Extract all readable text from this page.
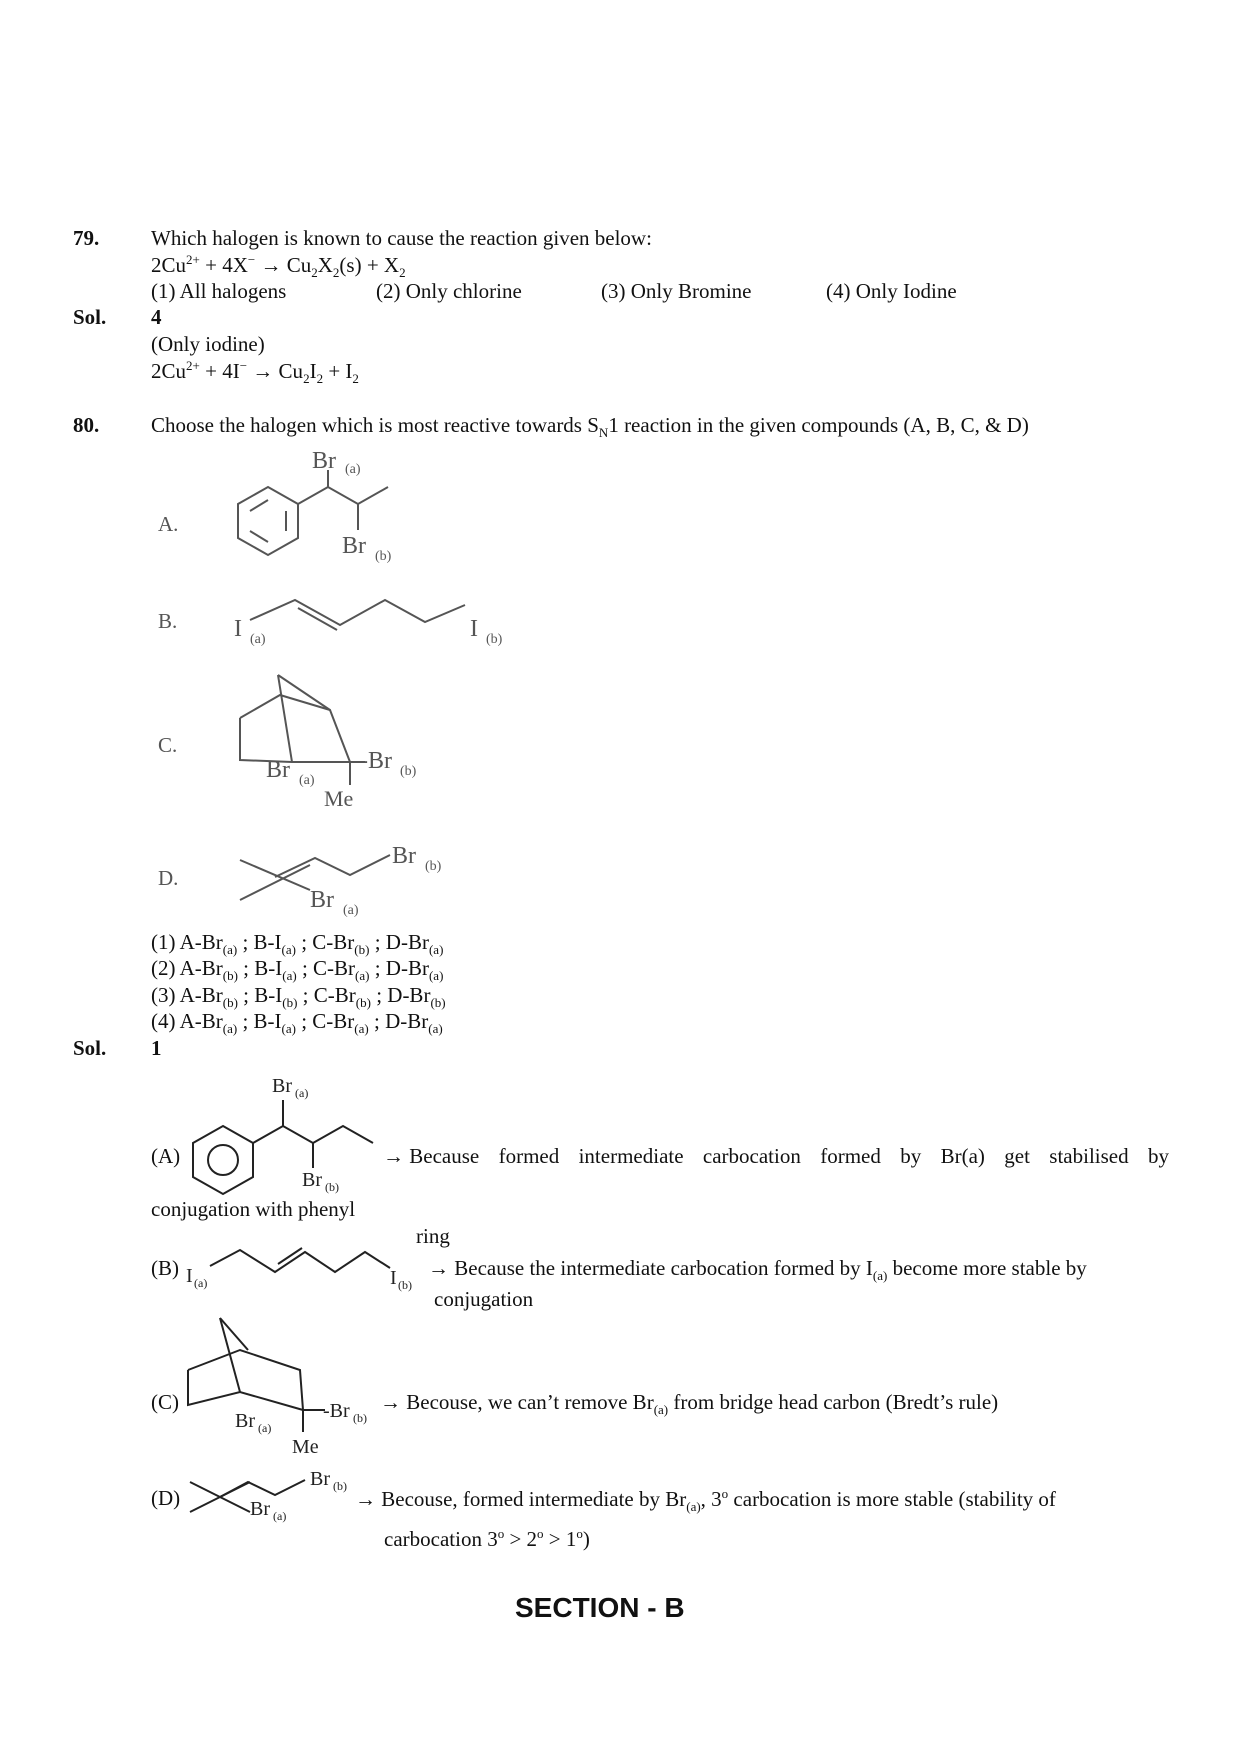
79. Which halogen is known to cause the reaction given below:
$2Cu^{2+} + 4X^- \to Cu_2X_2(s) + X_2$
(1) All halogens	(2) Only chlorine	(3) Only Bromine	(4) Only Iodine
Sol. 4
(Only iodine)
$2Cu^{2+} + 4I^- \to Cu_2I_2 + I_2$
80. Choose the halogen which is most reactive towards $S_N1$ reaction in the given compounds (A, B, C, & D)
A.
Br (a)
Br (b)
B. I (a)	I (b)
C.
Br (a)
-Br (b)
Me
D.
Br (b)
Br (a)
(1) $A-Br_{(a)}$ ; $B-I_{(a)}$ ; $C-Br_{(b)}$ ; $D-Br_{(a)}$
(2) $A-Br_{(b)}$ ; $B-I_{(a)}$ ; $C-Br_{(a)}$ ; $D-Br_{(a)}$
(3) $A-Br_{(b)}$ ; $B-I_{(b)}$ ; $C-Br_{(b)}$ ; $D-Br_{(b)}$
(4) $A-Br_{(a)}$ ; $B-I_{(a)}$ ; $C-Br_{(a)}$ ; $D-Br_{(a)}$
Sol. 1
(A)
Br (a)
Br (b)
→ Because formed intermediate carbocation formed by Br(a) get stabilised by
conjugation with phenyl
ring
(B) I (a)	I (b)
→ Because the intermediate carbocation formed by $I_{(a)}$ become more stable by
conjugation
(C)
Br (a)
-Br (b)
Me
→ Becouse, we can’t remove $Br_{(a)}$ from bridge head carbon (Bredt’s rule)
(D)
Br (b)
Br (a)
→ Becouse, formed intermediate by $Br_{(a)}$, 3$^o$ carbocation is more stable (stability of
carbocation $3^o > 2^o > 1^o$)
SECTION - B
